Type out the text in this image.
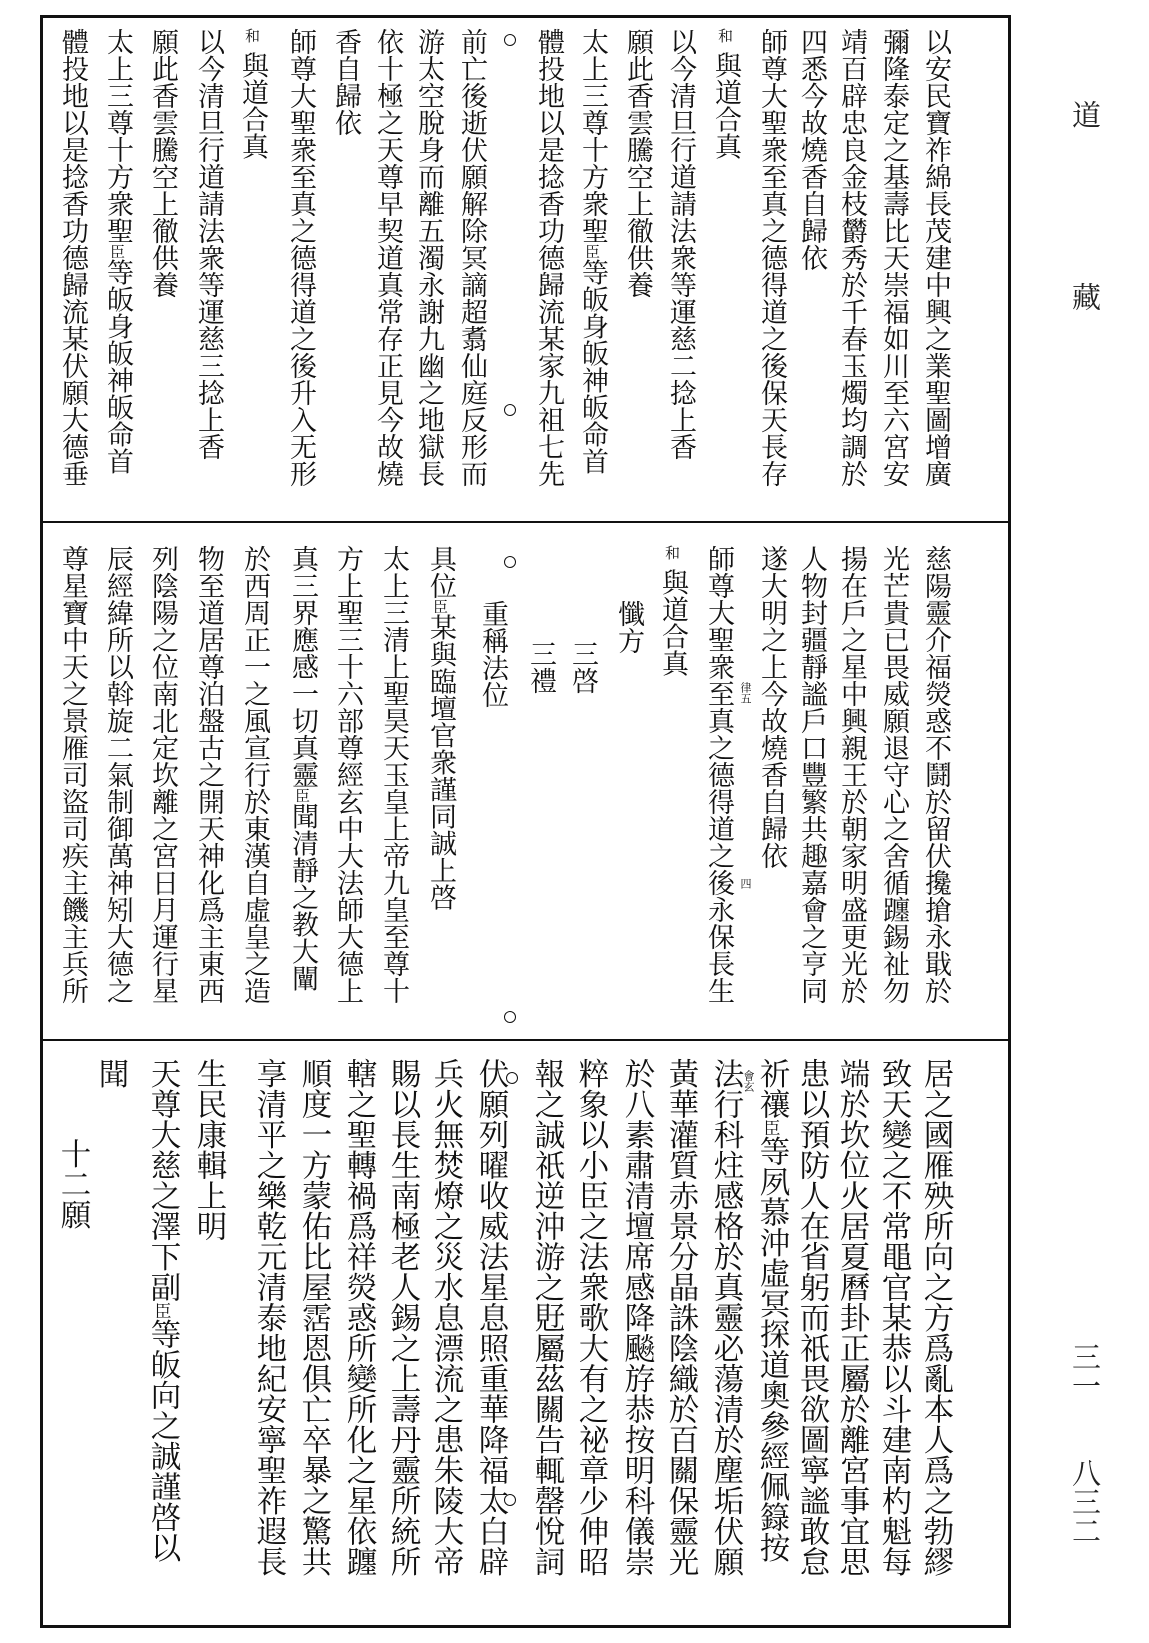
道
藏
三一
八三二
以安民寶祚綿長茂建中興之業聖圖增廣
彌隆泰定之基壽比天崇福如川至六宮安
靖百辟忠良金枝欝秀於千春玉燭均調於
四悉今故燒香自歸依
師尊大聖衆至真之德得道之後保天長存
和與道合真
以今清旦行道請法衆等運慈二捻上香
願此香雲騰空上徹供養
太上三尊十方衆聖臣等皈身皈神皈命首
體投地以是捻香功德歸流某家九祖七先
前亡後逝伏願解除冥謫超翥仙庭反形而
游太空脫身而離五濁永謝九幽之地獄長
依十極之天尊早契道真常存正見今故燒
香自歸依
師尊大聖衆至真之德得道之後升入无形
和與道合真
以今清旦行道請法衆等運慈三捻上香
願此香雲騰空上徹供養
太上三尊十方衆聖臣等皈身皈神皈命首
體投地以是捻香功德歸流某伏願大德垂
慈陽靈介福熒惑不鬪於留伏攙搶永戢於
光芒貴已畏威願退守心之舍循躔錫祉勿
揚在戶之星中興親王於朝家明盛更光於
人物封疆靜謐戶口豐繁共趣嘉會之亨同
遂大明之上今故燒香自歸依
師尊大聖衆至真之德得道之後永保長生
和與道合真
懺方
三啓
三禮
重稱法位
具位臣某與臨壇官衆謹同誠上啓
太上三清上聖昊天玉皇上帝九皇至尊十
方上聖三十六部尊經玄中大法師大德上
真三界應感一切真靈臣聞清靜之教大闡
於西周正一之風宣行於東漢自虛皇之造
物至道居尊泊盤古之開天神化爲主東西
列陰陽之位南北定坎離之宮日月運行星
辰經緯所以斡旋二氣制御萬神矧大德之
尊星寶中天之景雁司盜司疾主饑主兵所	律五
四
居之國雁殃所向之方爲亂本人爲之勃繆
致天變之不常黽官某恭以斗建南杓魁每
端於坎位火居夏曆卦正屬於離宮事宜思
患以預防人在省躬而祇畏欲圖寧謐敢怠
祈禳臣等夙慕沖虛冥探道奧參經佩籙按
法行科炷感格於真靈必蕩清於塵垢伏願
黃華灌質赤景分晶誅陰織於百關保靈光
於八素肅清壇席感降飈斿恭按明科儀崇
粹象以小臣之法衆歌大有之祕章少伸昭
報之誠祇逆沖游之覎屬茲關告輒罄悅詞
伏願列曜收威法星息照重華降福太白辟
兵火無焚燎之災水息漂流之患朱陵大帝
賜以長生南極老人錫之上壽丹靈所統所
轄之聖轉禍爲祥熒惑所變所化之星依躔
順度一方蒙佑比屋霑恩俱亡卒暴之驚共
享清平之樂乾元清泰地紀安寧聖祚遐長
生民康輯上明
天尊大慈之澤下副臣等皈向之誠謹啓以
聞
十二願
會玄
